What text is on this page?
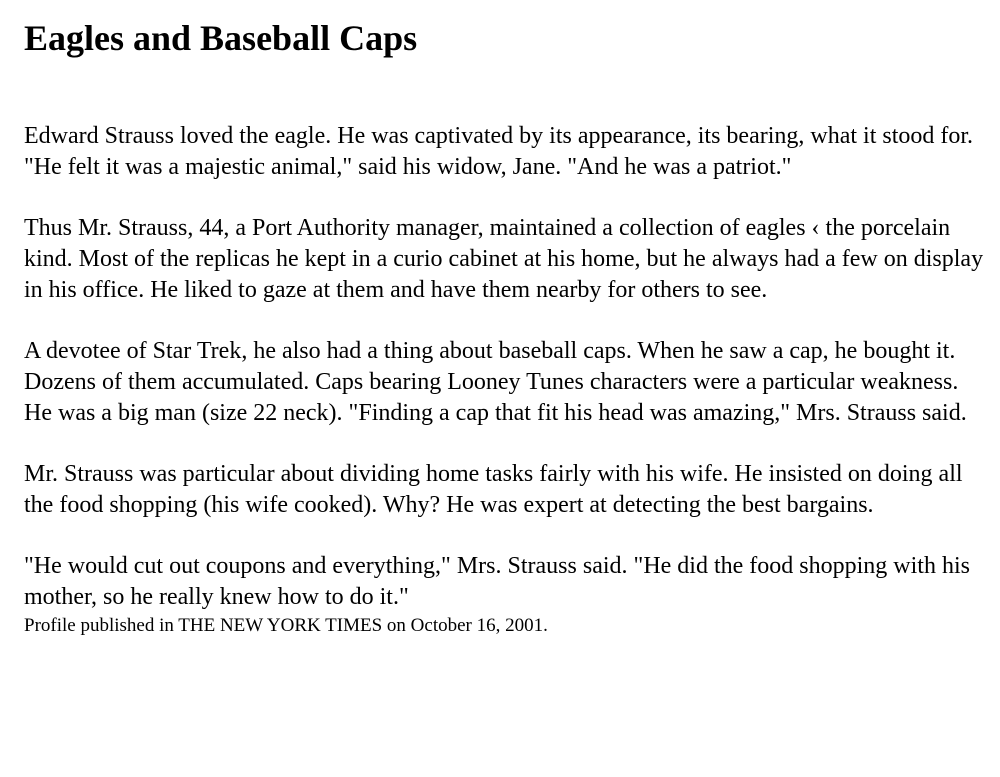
Eagles and Baseball Caps

Edward Strauss loved the eagle. He was captivated by its appearance, its bearing, what it stood for. "He felt it was a majestic animal," said his widow, Jane. "And he was a patriot."

Thus Mr. Strauss, 44, a Port Authority manager, maintained a collection of eagles ‹ the porcelain kind. Most of the replicas he kept in a curio cabinet at his home, but he always had a few on display in his office. He liked to gaze at them and have them nearby for others to see.

A devotee of Star Trek, he also had a thing about baseball caps. When he saw a cap, he bought it. Dozens of them accumulated. Caps bearing Looney Tunes characters were a particular weakness. He was a big man (size 22 neck). "Finding a cap that fit his head was amazing," Mrs. Strauss said.

Mr. Strauss was particular about dividing home tasks fairly with his wife. He insisted on doing all the food shopping (his wife cooked). Why? He was expert at detecting the best bargains.

"He would cut out coupons and everything," Mrs. Strauss said. "He did the food shopping with his mother, so he really knew how to do it."

Profile published in THE NEW YORK TIMES on October 16, 2001.
